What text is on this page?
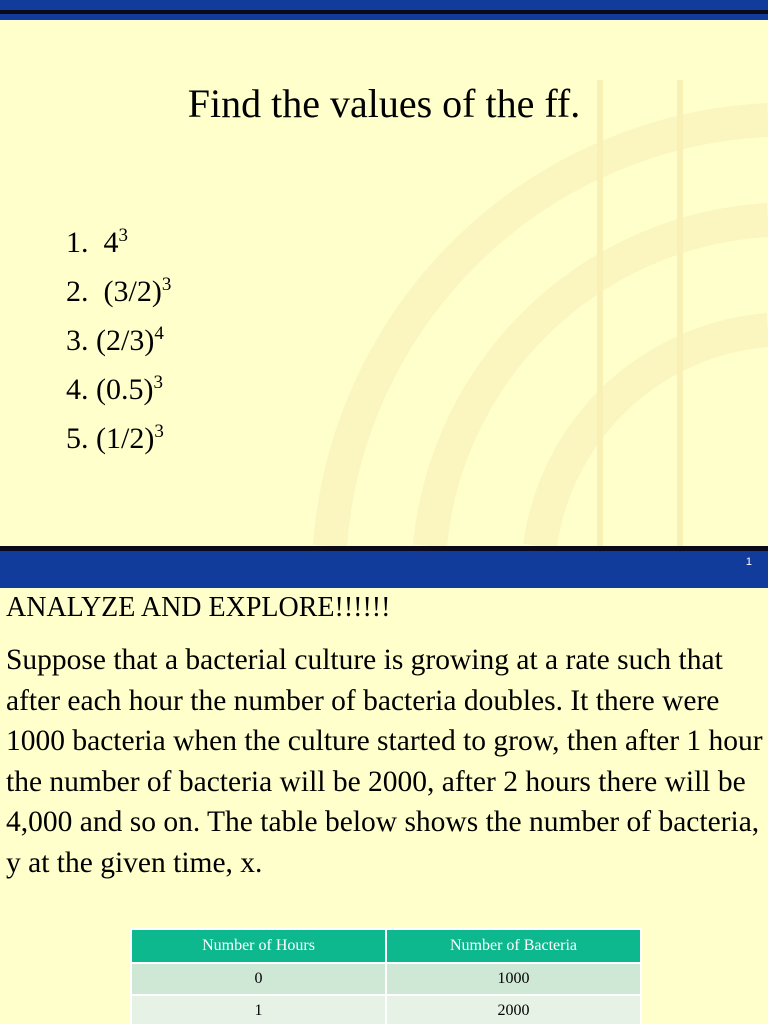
Find the values of the ff.
1. $4^3$
2. $(3/2)^3$
3. $(2/3)^4$
4. $(0.5)^3$
5. $(1/2)^3$
1
ANALYZE AND EXPLORE!!!!!!

Suppose that a bacterial culture is growing at a rate such that after each hour the number of bacteria doubles. It there were 1000 bacteria when the culture started to grow, then after 1 hour the number of bacteria will be 2000, after 2 hours there will be 4,000 and so on. The table below shows the number of bacteria, y at the given time, x.

Number of Hours	Number of Bacteria
0	1000
1	2000
